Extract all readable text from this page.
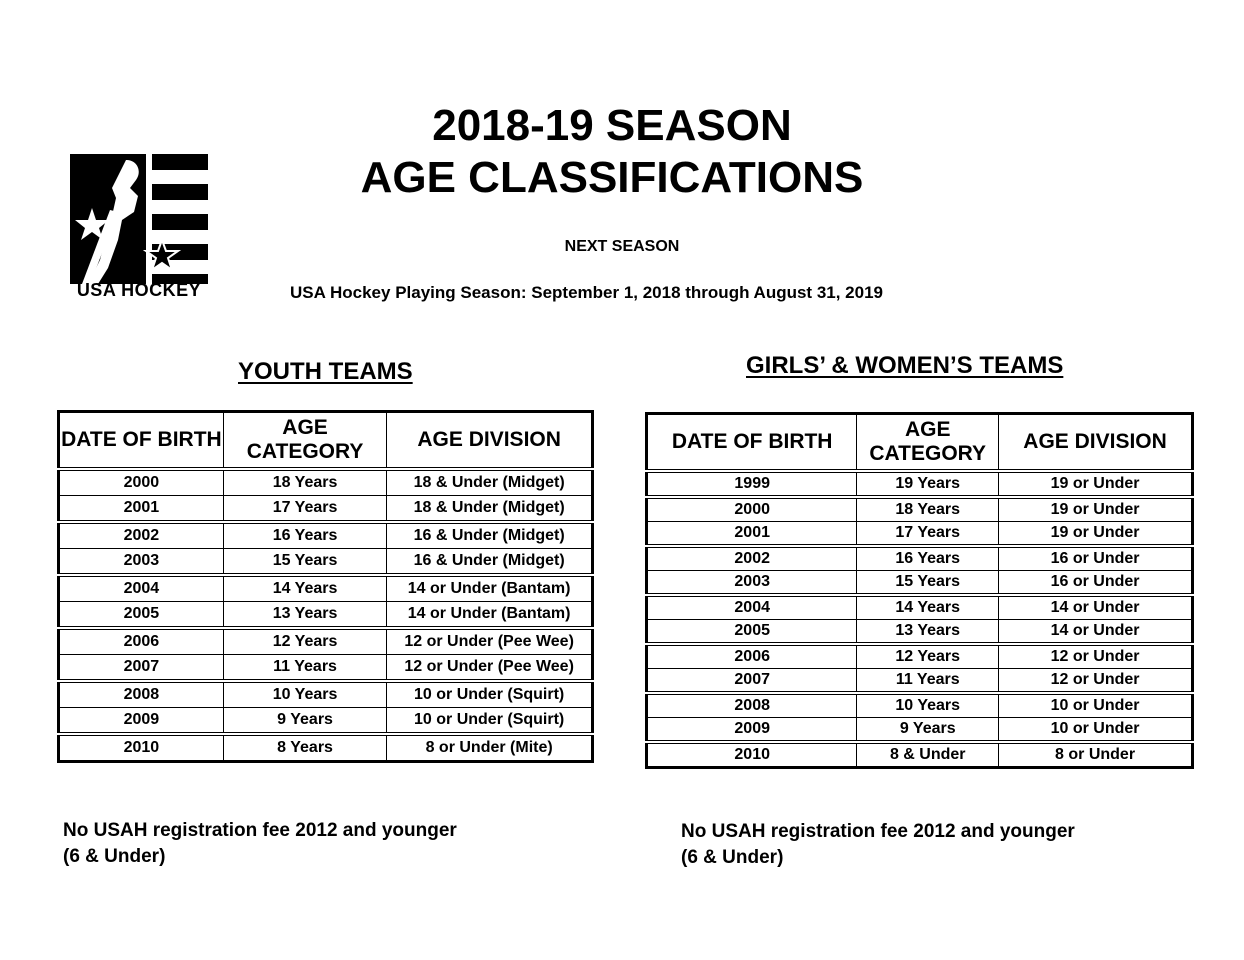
USA HOCKEY
2018-19 SEASON
AGE CLASSIFICATIONS
NEXT SEASON
USA Hockey Playing Season: September 1, 2018 through August 31, 2019
YOUTH TEAMS	GIRLS’ & WOMEN’S TEAMS
DATE OF BIRTH	AGE CATEGORY	AGE DIVISION
2000	18 Years	18 & Under (Midget)
2001	17 Years	18 & Under (Midget)
2002	16 Years	16 & Under (Midget)
2003	15 Years	16 & Under (Midget)
2004	14 Years	14 or Under (Bantam)
2005	13 Years	14 or Under (Bantam)
2006	12 Years	12 or Under (Pee Wee)
2007	11 Years	12 or Under (Pee Wee)
2008	10 Years	10 or Under (Squirt)
2009	9 Years	10 or Under (Squirt)
2010	8 Years	8 or Under (Mite)
DATE OF BIRTH	AGE CATEGORY	AGE DIVISION
1999	19 Years	19 or Under
2000	18 Years	19 or Under
2001	17 Years	19 or Under
2002	16 Years	16 or Under
2003	15 Years	16 or Under
2004	14 Years	14 or Under
2005	13 Years	14 or Under
2006	12 Years	12 or Under
2007	11 Years	12 or Under
2008	10 Years	10 or Under
2009	9 Years	10 or Under
2010	8 & Under	8 or Under
No USAH registration fee 2012 and younger
(6 & Under)
No USAH registration fee 2012 and younger
(6 & Under)
